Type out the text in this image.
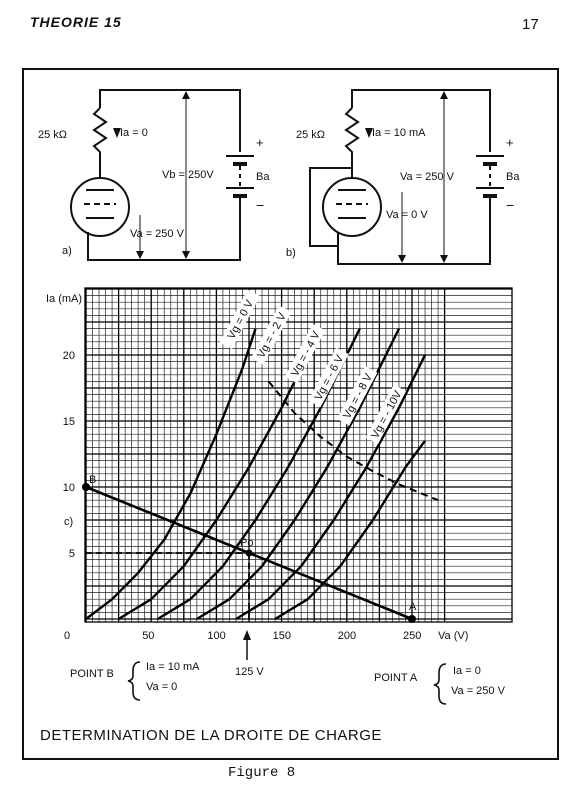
THEORIE 15	17
25 kΩ	Ia = 0
Vb = 250V
Va = 250 V
Ba
+
−
a)
25 kΩ	Ia = 10 mA
Va = 250 V
Va = 0 V
Ba
+
−
b)
Po
A
B
Vg = 0 V Vg = - 2 V Vg = - 4 V
Vg = - 6 V
Vg = - 8 V
Vg = - 10V
0	50	100	150	200	250
5
10
15
20
Ia (mA)
Va (V)
c)
125 V
POINT B
Ia = 10 mA
Va = 0
POINT A
Ia = 0
Va = 250 V
DETERMINATION DE LA DROITE DE CHARGE
Figure 8
